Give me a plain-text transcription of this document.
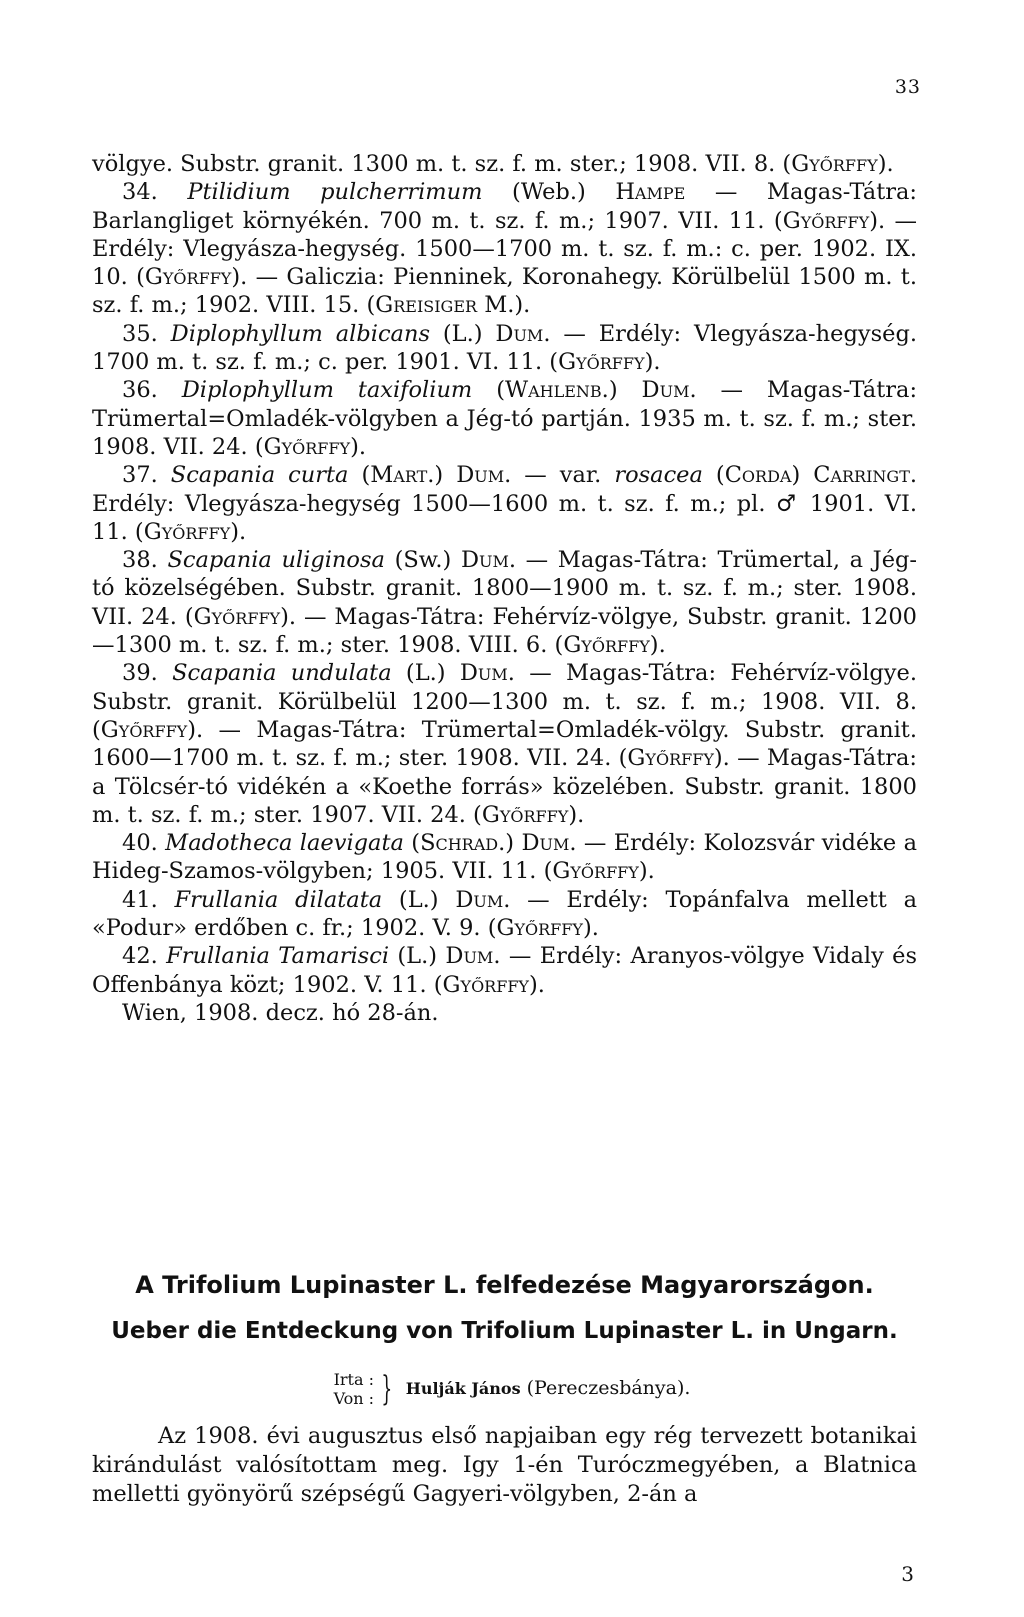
33

völgye. Substr. granit. 1300 m. t. sz. f. m. ster.; 1908. VII. 8. (Győrffy).

34. Ptilidium pulcherrimum (Web.) Hampe — Magas-Tátra: Barlangliget környékén. 700 m. t. sz. f. m.; 1907. VII. 11. (Győrffy). — Erdély: Vlegyásza-hegység. 1500—1700 m. t. sz. f. m.: c. per. 1902. IX. 10. (Győrffy). — Galiczia: Pienninek, Koronahegy. Körülbelül 1500 m. t. sz. f. m.; 1902. VIII. 15. (Greisiger M.).

35. Diplophyllum albicans (L.) Dum. — Erdély: Vlegyásza-hegység. 1700 m. t. sz. f. m.; c. per. 1901. VI. 11. (Győrffy).

36. Diplophyllum taxifolium (Wahlenb.) Dum. — Magas-Tátra: Trümertal=Omladék-völgyben a Jég-tó partján. 1935 m. t. sz. f. m.; ster. 1908. VII. 24. (Győrffy).

37. Scapania curta (Mart.) Dum. — var. rosacea (Corda) Carringt. Erdély: Vlegyásza-hegység 1500—1600 m. t. sz. f. m.; pl. ♂ 1901. VI. 11. (Győrffy).

38. Scapania uliginosa (Sw.) Dum. — Magas-Tátra: Trümertal, a Jég-tó közelségében. Substr. granit. 1800—1900 m. t. sz. f. m.; ster. 1908. VII. 24. (Győrffy). — Magas-Tátra: Fehérvíz-völgye, Substr. granit. 1200—1300 m. t. sz. f. m.; ster. 1908. VIII. 6. (Győrffy).

39. Scapania undulata (L.) Dum. — Magas-Tátra: Fehérvíz-völgye. Substr. granit. Körülbelül 1200—1300 m. t. sz. f. m.; 1908. VII. 8. (Győrffy). — Magas-Tátra: Trümertal=Omladék-völgy. Substr. granit. 1600—1700 m. t. sz. f. m.; ster. 1908. VII. 24. (Győrffy). — Magas-Tátra: a Tölcsér-tó vidékén a «Koethe forrás» közelében. Substr. granit. 1800 m. t. sz. f. m.; ster. 1907. VII. 24. (Győrffy).

40. Madotheca laevigata (Schrad.) Dum. — Erdély: Kolozsvár vidéke a Hideg-Szamos-völgyben; 1905. VII. 11. (Győrffy).

41. Frullania dilatata (L.) Dum. — Erdély: Topánfalva mellett a «Podur» erdőben c. fr.; 1902. V. 9. (Győrffy).

42. Frullania Tamarisci (L.) Dum. — Erdély: Aranyos-völgye Vidaly és Offenbánya közt; 1902. V. 11. (Győrffy).

Wien, 1908. decz. hó 28-án.

A Trifolium Lupinaster L. felfedezése Magyarországon.
Ueber die Entdeckung von Trifolium Lupinaster L. in Ungarn.
Irta :
Von : } Hulják János (Pereczesbánya).

Az 1908. évi augusztus első napjaiban egy rég tervezett botanikai kirándulást valósítottam meg. Igy 1-én Turóczmegyében, a Blatnica melletti gyönyörű szépségű Gagyeri-völgyben, 2-án a

3
